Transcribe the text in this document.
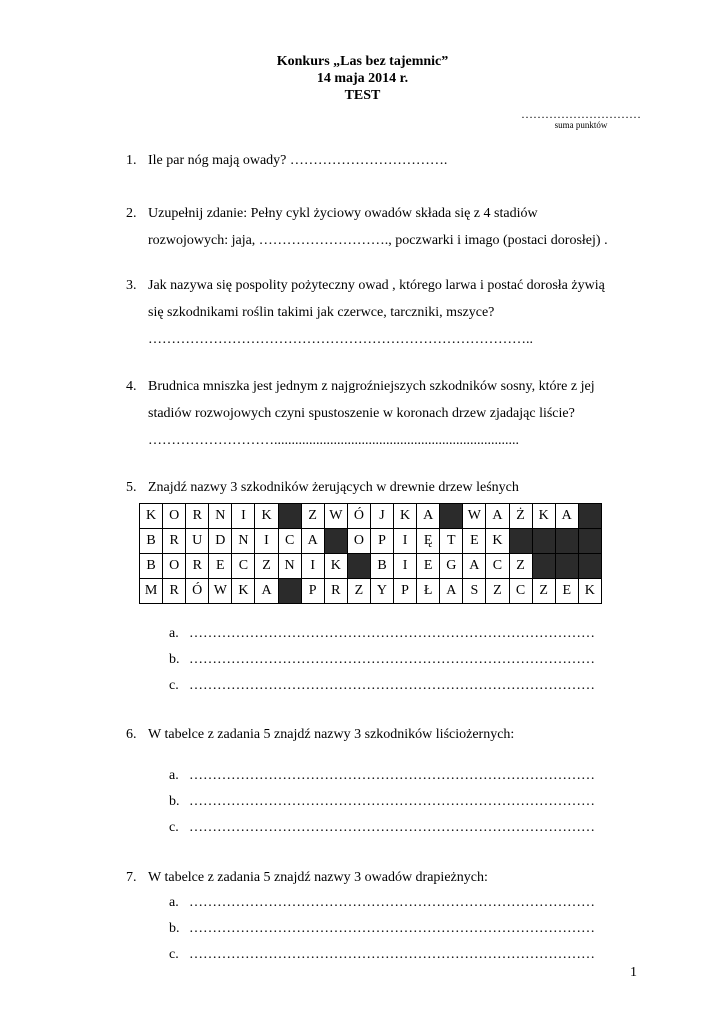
Konkurs „Las bez tajemnic”
14 maja 2014 r.
TEST
…………………………
suma punktów
1. Ile par nóg mają owady? …………………………….
2. Uzupełnij zdanie: Pełny cykl życiowy owadów składa się z 4 stadiów
rozwojowych: jaja, ………………………., poczwarki i imago (postaci dorosłej) .
3. Jak nazywa się pospolity pożyteczny owad , którego larwa i postać dorosła żywią
się szkodnikami roślin takimi jak czerwce, tarczniki, mszyce?
………………………………………………………………………..
4. Brudnica mniszka jest jednym z najgroźniejszych szkodników sosny, które z jej
stadiów rozwojowych czyni spustoszenie w koronach drzew zjadając liście?
………………………......................................................................
5. Znajdź nazwy 3 szkodników żerujących w drewnie drzew leśnych
K	O	R	N	I	K		Z	W	Ó	J	K	A		W	A	Ż	K	A	
B	R	U	D	N	I	C	A		O	P	I	Ę	T	E	K				
B	O	R	E	C	Z	N	I	K		B	I	E	G	A	C	Z			
M	R	Ó	W	K	A		P	R	Z	Y	P	Ł	A	S	Z	C	Z	E	K
a. ……………………………………………………………………………
b. ……………………………………………………………………………
c. ……………………………………………………………………………
6. W tabelce z zadania 5 znajdź nazwy 3 szkodników liściożernych:
a. ……………………………………………………………………………
b. ……………………………………………………………………………
c. ……………………………………………………………………………
7. W tabelce z zadania 5 znajdź nazwy 3 owadów drapieżnych:
a. ……………………………………………………………………………
b. ……………………………………………………………………………
c. ……………………………………………………………………………
1
